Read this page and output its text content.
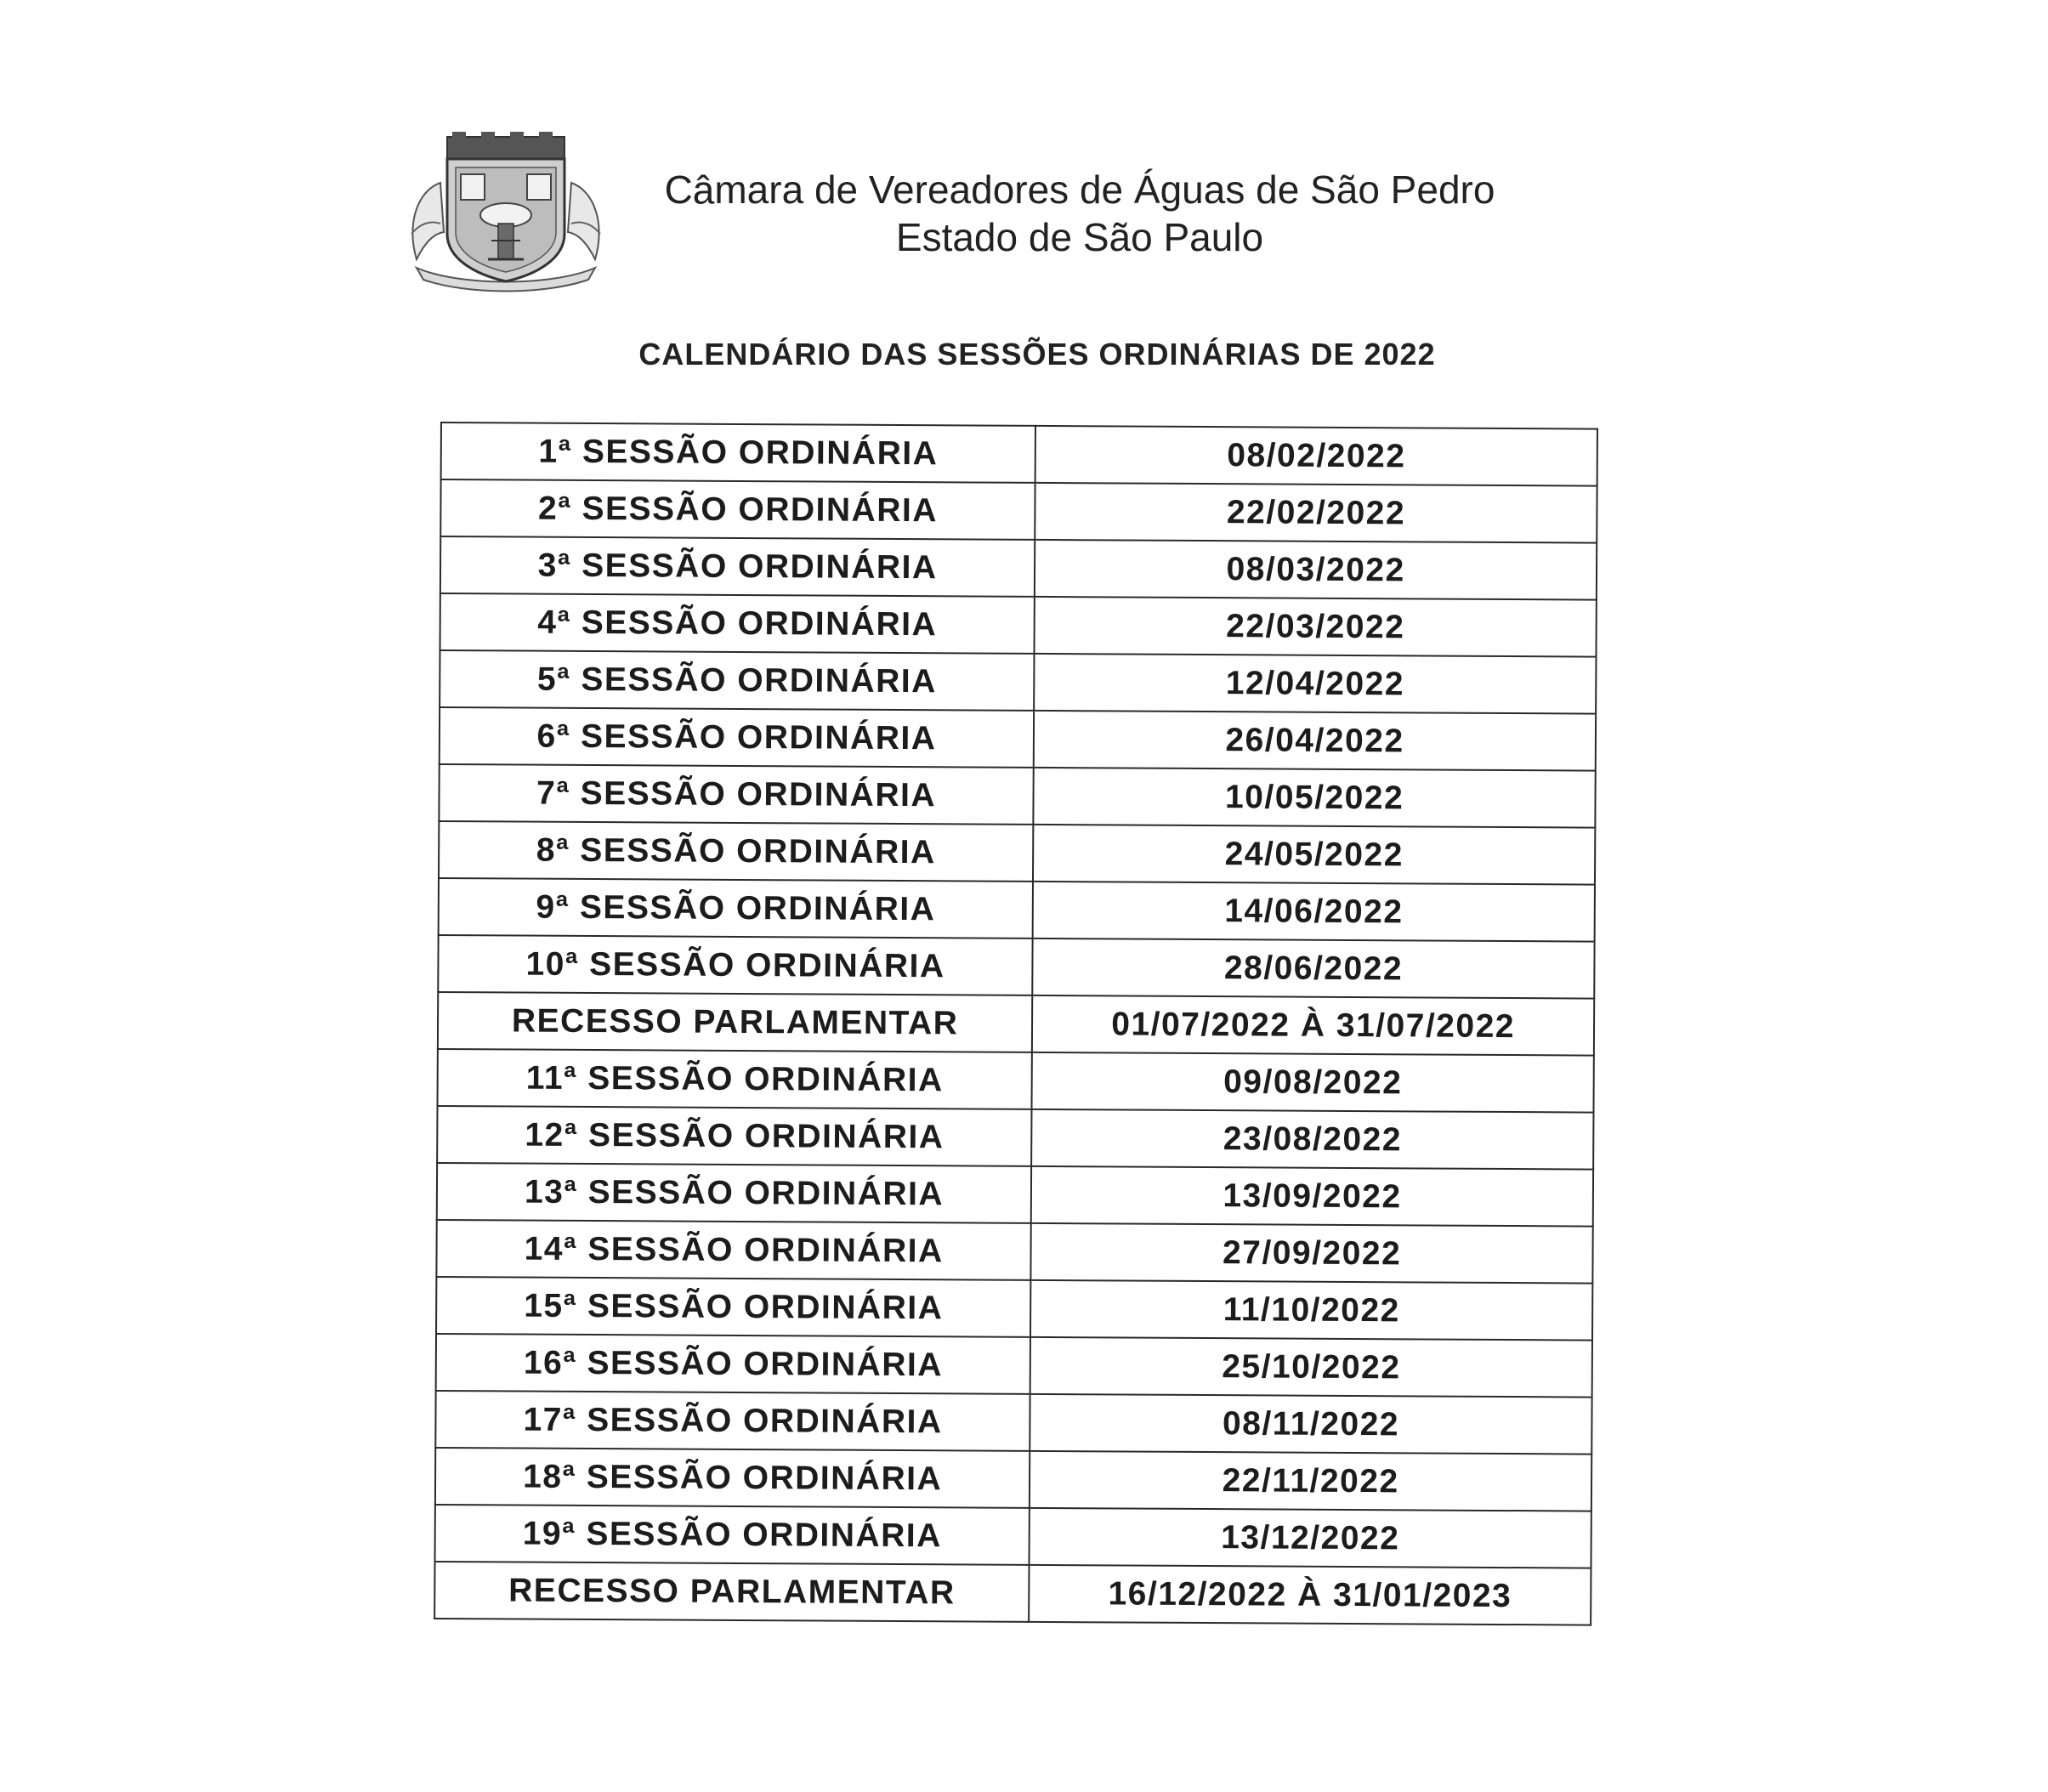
Câmara de Vereadores de Águas de São Pedro
Estado de São Paulo
CALENDÁRIO DAS SESSÕES ORDINÁRIAS DE 2022
1ª SESSÃO ORDINÁRIA	08/02/2022
2ª SESSÃO ORDINÁRIA	22/02/2022
3ª SESSÃO ORDINÁRIA	08/03/2022
4ª SESSÃO ORDINÁRIA	22/03/2022
5ª SESSÃO ORDINÁRIA	12/04/2022
6ª SESSÃO ORDINÁRIA	26/04/2022
7ª SESSÃO ORDINÁRIA	10/05/2022
8ª SESSÃO ORDINÁRIA	24/05/2022
9ª SESSÃO ORDINÁRIA	14/06/2022
10ª SESSÃO ORDINÁRIA	28/06/2022
RECESSO PARLAMENTAR	01/07/2022 À 31/07/2022
11ª SESSÃO ORDINÁRIA	09/08/2022
12ª SESSÃO ORDINÁRIA	23/08/2022
13ª SESSÃO ORDINÁRIA	13/09/2022
14ª SESSÃO ORDINÁRIA	27/09/2022
15ª SESSÃO ORDINÁRIA	11/10/2022
16ª SESSÃO ORDINÁRIA	25/10/2022
17ª SESSÃO ORDINÁRIA	08/11/2022
18ª SESSÃO ORDINÁRIA	22/11/2022
19ª SESSÃO ORDINÁRIA	13/12/2022
RECESSO PARLAMENTAR	16/12/2022 À 31/01/2023
